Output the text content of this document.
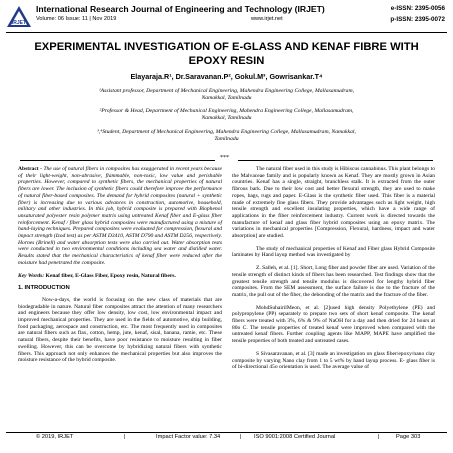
IRJET
International Research Journal of Engineering and Technology (IRJET)
Volume: 06 Issue: 11 | Nov 2019	www.irjet.net
e-ISSN: 2395-0056
p-ISSN: 2395-0072
EXPERIMENTAL INVESTIGATION OF E-GLASS AND KENAF FIBRE WITH
EPOXY RESIN
Elayaraja.R¹, Dr.Saravanan.P², Gokul.M³, Gowrisankar.T⁴
¹Assistant professor, Department of Mechanical Engineering, Mahendra Engineering College, Mallasamudram,
Namakkal, Tamilnadu
²Professor & Head, Department of Mechanical Engineering, Mahendra Engineering College, Mallasamudram,
Namakkal, Tamilnadu
³,⁴Student, Department of Mechanical Engineering, Mahendra Engineering College, Mallasamudram, Namakkal,
Tamilnadu
***

Abstract - The use of natural fibers in composites has exaggerated in recent years because of their light-weight, non-abrasive, flammable, non-toxic, low value and perishable properties. However, compared to synthetic fibers, the mechanical properties of natural fibers are lower. The inclusion of synthetic fibers could therefore improve the performance of natural fiber-based composites. The demand for hybrid composites (natural + synthetic fiber) is increasing due to various advances in construction, automotive, household, military and other industries. In this job, hybrid composite is prepared with Biophenol unsaturated polyester resin polymer matrix using untreated Kenaf fiber and E-glass fiber reinforcement. Kenaf / fiber glass hybrid composites were manufactured using a mixture of hand-laying techniques. Prepared composites were evaluated for compression, flexural and impact strength (Izod test) as per ASTM D3410, ASTM D790 and ASTM D256, respectively. Hornes (Brinell) and water absorption tests were also carried out. Water absorption tests were conducted in two environmental conditions including sea water and distilled water. Results stated that the mechanical characteristics of kenaf fiber were reduced after the moisture had penetrated the composite.

Key Words: Kenaf fiber, E-Glass Fiber, Epoxy resin, Natural fibers.

1. INTRODUCTION

Now-a-days, the world is focusing on the new class of materials that are biodegradable in nature. Natural fiber composites attract the attention of many researchers and engineers because they offer low density, low cost, low environmental impact and improved mechanical properties. They are used in the fields of automotive, ship building, food packaging, aerospace and construction, etc. The most frequently used in composites are natural fibers such as flax, cotton, hemp, jute, kenaf, sisal, banana, ramie, etc. These natural fibers, despite their benefits, have poor resistance to moisture resulting in fiber swelling. However, this can be overcome by hybridizing natural fibers with synthetic fibers. This approach not only enhances the mechanical properties but also improves the moisture resistance of the hybrid composite.

The natural fiber used in this study is Hibiscus cannabinus. This plant belongs to the Malvaceae family and is popularly known as Kenaf. They are mostly grown in Asian countries. Kenaf has a single, straight, branchless stalk. It is extracted from the outer fibrous bark. Due to their low cost and better flexural strength, they are used to make ropes, bags, rugs and paper. E-Glass is the synthetic fiber used. This fiber is a material made of extremely fine glass fibers. They provide advantages such as light weight, high tensile strength and excellent insulating properties, which have a wide range of applications in the fiber reinforcement industry. Current work is directed towards the manufacture of kenaf and glass fiber hybrid composites using an epoxy matrix. The variations in mechanical properties [Compression, Flexural, hardness, impact and water absorption] are studied.

The study of mechanical properties of Kenaf and Fiber glass Hybrid Composite laminates by Hand layup method was investigated by

Z. Salleh, et al. [1]. Short, Long fiber and powder fiber are used. Variation of the tensile strength of distinct kinds of fibers has been researched. Test findings show that the greatest tensile strength and tensile modulus is discovered for lengthy hybrid fiber composites. From the SEM assessment, the surface failure is due to the fracture of the matrix, the pull out of the fiber, the debonding of the matrix and the fracture of the fiber.

MohdSuhairilMeon, et al. [2]used high density Polyethylene (PE) and polypropylene (PP) separately to prepare two sets of short kenaf composite. The kenaf fibers were treated with 3%, 6% & 9% of NaOH for a day and then dried for 24 hours at 80o C. The tensile properties of treated kenaf were improved when compared with the untreated kenaf fibers. Further coupling agents like MAPP, MAPE have amplified the tensile properties of both treated and untreated cases.

S Sivasaravanan, et al. [3] made an investigation on glass fiber/epoxy/nano clay composite by varying Nano clay from 1 to 5 wt% by hand layup process. E- glass fiber is of bi-directional 45o orientation is used. The average value of

© 2019, IRJET	|	Impact Factor value: 7.34	| ISO 9001:2008 Certified Journal	|	Page 303
